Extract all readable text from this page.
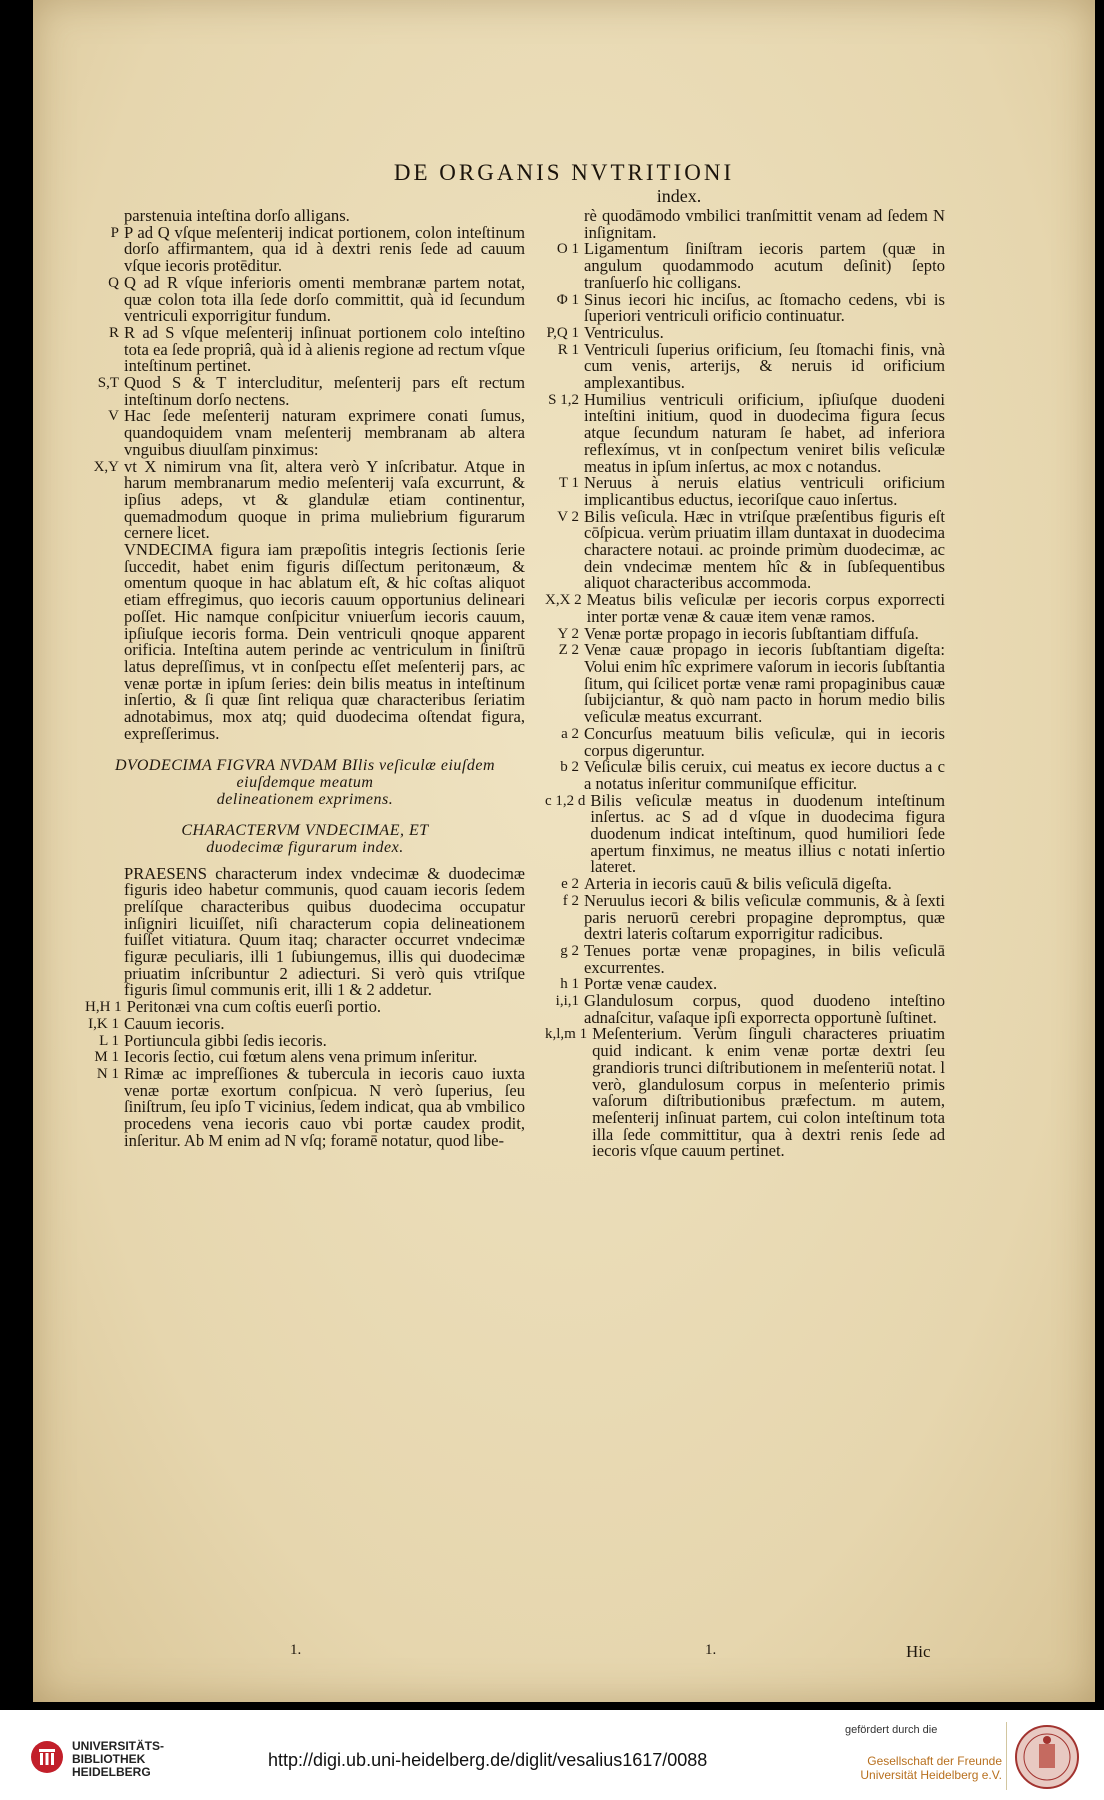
DE ORGANIS NVTRITIONI
index.
parstenuia inteſtina dorſo alligans.
P P ad Q vſque meſenterij indicat portionem, colon inteſtinum dorſo affirmantem, qua id à dextri renis ſede ad cauum vſque iecoris protēditur.
Q Q ad R vſque inferioris omenti membranæ partem notat, quæ colon tota illa ſede dorſo committit, quà id ſecundum ventriculi exporrigitur fundum.
R R ad S vſque meſenterij inſinuat portionem colo inteſtino tota ea ſede propriâ, quà id à alienis regione ad rectum vſque inteſtinum pertinet.
S,T Quod S & T intercluditur, meſenterij pars eſt rectum inteſtinum dorſo nectens.
V Hac ſede meſenterij naturam exprimere conati ſumus, quandoquidem vnam meſenterij membranam ab altera vnguibus diuulſam pinximus:
X,Y vt X nimirum vna ſit, altera verò Y inſcribatur. Atque in harum membranarum medio meſenterij vaſa excurrunt, & ipſius adeps, vt & glandulæ etiam continentur, quemadmodum quoque in prima muliebrium figurarum cernere licet.
VNDECIMA figura iam præpoſitis integris ſectionis ſerie ſuccedit, habet enim figuris diſſectum peritonæum, & omentum quoque in hac ablatum eſt, & hic coſtas aliquot etiam effregimus, quo iecoris cauum opportunius delineari poſſet. Hic namque conſpicitur vniuerſum iecoris cauum, ipſiuſque iecoris forma. Dein ventriculi qnoque apparent orificia. Inteſtina autem perinde ac ventriculum in ſiniſtrū latus depreſſimus, vt in conſpectu eſſet meſenterij pars, ac venæ portæ in ipſum ſeries: dein bilis meatus in inteſtinum inſertio, & ſi quæ ſint reliqua quæ characteribus ſeriatim adnotabimus, mox atq; quid duodecima oſtendat figura, expreſſerimus.
DVODECIMA FIGVRA NVDAM BIlis veſiculæ eiuſdem eiuſdemque meatum
delineationem exprimens.
CHARACTERVM VNDECIMAE, ET
duodecimæ figurarum index.
PRAESENS characterum index vndecimæ & duodecimæ figuris ideo habetur communis, quod cauam iecoris ſedem prelíſque characteribus quibus duodecima occupatur inſigniri licuiſſet, niſi characterum copia delineationem fuiſſet vitiatura. Quum itaq; character occurret vndecimæ figuræ peculiaris, illi 1 ſubiungemus, illis qui duodecimæ priuatim inſcribuntur 2 adiecturi. Si verò quis vtriſque figuris ſimul communis erit, illi 1 & 2 addetur.
H,H 1 Peritonæi vna cum coſtis euerſi portio.
I,K 1 Cauum iecoris.
L 1 Portiuncula gibbi ſedis iecoris.
M 1 Iecoris ſectio, cui fœtum alens vena primum inſeritur.
N 1 Rimæ ac impreſſiones & tubercula in iecoris cauo iuxta venæ portæ exortum conſpicua. N verò ſuperius, ſeu ſiniſtrum, ſeu ipſo T vicinius, ſedem indicat, qua ab vmbilico procedens vena iecoris cauo vbi portæ caudex prodit, inſeritur. Ab M enim ad N vſq; foramē notatur, quod libe-
rè quodāmodo vmbilici tranſmittit venam ad ſedem N inſignitam.
O 1 Ligamentum ſiniſtram iecoris partem (quæ in angulum quodammodo acutum deſinit) ſepto tranſuerſo hic colligans.
Φ 1 Sinus iecori hic inciſus, ac ſtomacho cedens, vbi is ſuperiori ventriculi orificio continuatur.
P,Q 1 Ventriculus.
R 1 Ventriculi ſuperius orificium, ſeu ſtomachi finis, vnà cum venis, arterijs, & neruis id orificium amplexantibus.
S 1,2 Humilius ventriculi orificium, ipſiuſque duodeni inteſtini initium, quod in duodecima figura ſecus atque ſecundum naturam ſe habet, ad inferiora reflexímus, vt in conſpectum veniret bilis veſiculæ meatus in ipſum inſertus, ac mox c notandus.
T 1 Neruus à neruis elatius ventriculi orificium implicantibus eductus, iecoriſque cauo inſertus.
V 2 Bilis veſicula. Hæc in vtriſque præſentibus figuris eſt cōſpicua. verùm priuatim illam duntaxat in duodecima charactere notaui. ac proinde primùm duodecimæ, ac dein vndecimæ mentem hîc & in ſubſequentibus aliquot characteribus accommoda.
X,X 2 Meatus bilis veſiculæ per iecoris corpus exporrecti inter portæ venæ & cauæ item venæ ramos.
Y 2 Venæ portæ propago in iecoris ſubſtantiam diffuſa.
Z 2 Venæ cauæ propago in iecoris ſubſtantiam digeſta: Volui enim hîc exprimere vaſorum in iecoris ſubſtantia ſitum, qui ſcilicet portæ venæ rami propaginibus cauæ ſubijciantur, & quò nam pacto in horum medio bilis veſiculæ meatus excurrant.
a 2 Concurſus meatuum bilis veſiculæ, qui in iecoris corpus digeruntur.
b 2 Veſiculæ bilis ceruix, cui meatus ex iecore ductus a c a notatus inſeritur communiſque efficitur.
c 1,2 d Bilis veſiculæ meatus in duodenum inteſtinum inſertus. ac S ad d vſque in duodecima figura duodenum indicat inteſtinum, quod humiliori ſede apertum finximus, ne meatus illius c notati inſertio lateret.
e 2 Arteria in iecoris cauū & bilis veſiculā digeſta.
f 2 Neruulus iecori & bilis veſiculæ communis, & à ſexti paris neruorū cerebri propagine depromptus, quæ dextri lateris coſtarum exporrigitur radicibus.
g 2 Tenues portæ venæ propagines, in bilis veſiculā excurrentes.
h 1 Portæ venæ caudex.
i,i,1 Glandulosum corpus, quod duodeno inteſtino adnaſcitur, vaſaque ipſi exporrecta opportunè ſuſtinet.
k,l,m 1 Meſenterium. Verùm ſinguli characteres priuatim quid indicant. k enim venæ portæ dextri ſeu grandioris trunci diſtributionem in meſenteriū notat. l verò, glandulosum corpus in meſenterio primis vaſorum diſtributionibus præfectum. m autem, meſenterij inſinuat partem, cui colon inteſtinum tota illa ſede committitur, qua à dextri renis ſede ad iecoris vſque cauum pertinet.
1.	1.	Hic
UNIVERSITÄTS-
BIBLIOTHEK
HEIDELBERG
http://digi.ub.uni-heidelberg.de/diglit/vesalius1617/0088
gefördert durch die
Gesellschaft der Freunde
Universität Heidelberg e.V.
